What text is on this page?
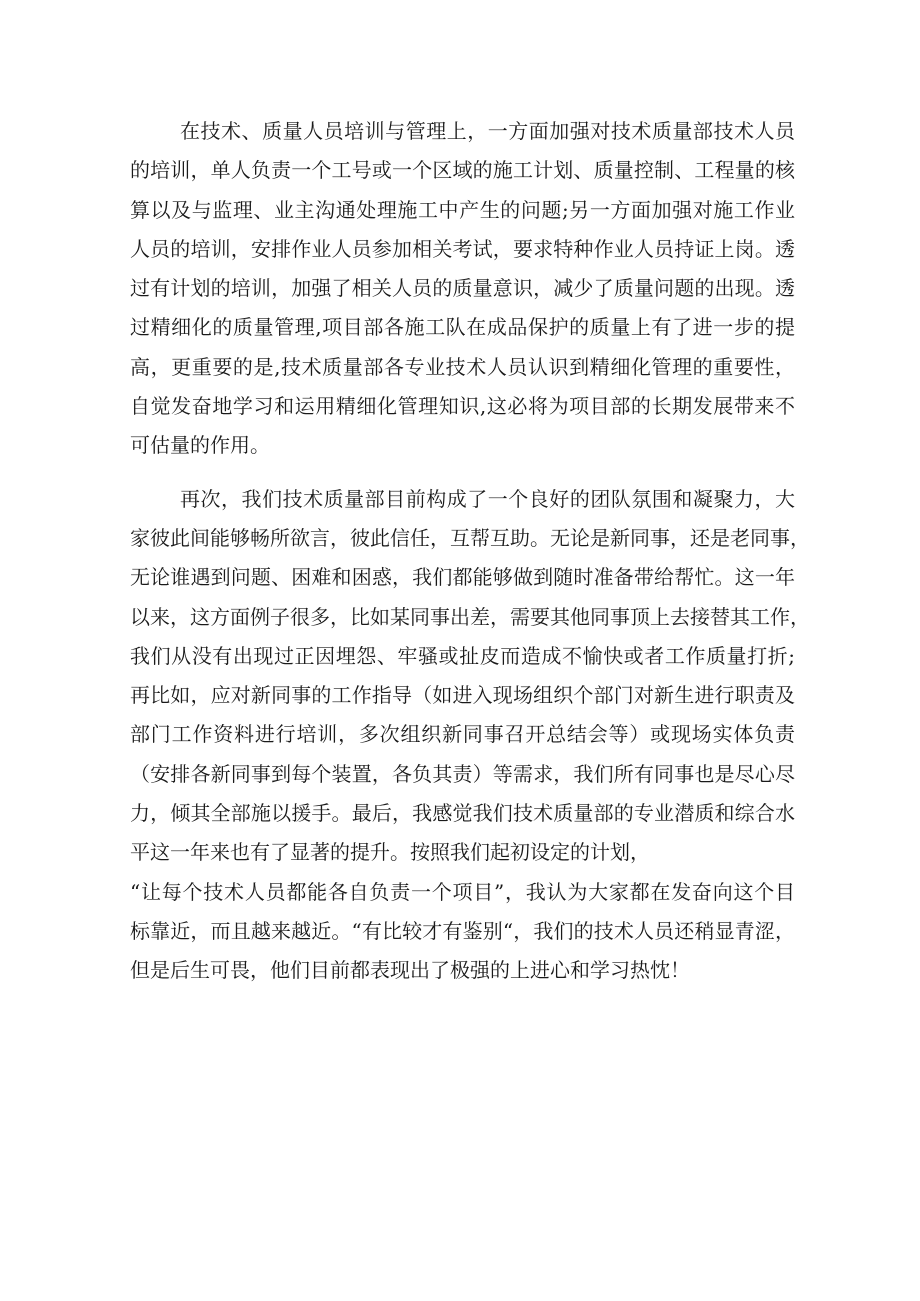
在技术、质量人员培训与管理上，一方面加强对技术质量部技术人员
的培训，单人负责一个工号或一个区域的施工计划、质量控制、工程量的核
算以及与监理、业主沟通处理施工中产生的问题;另一方面加强对施工作业
人员的培训，安排作业人员参加相关考试，要求特种作业人员持证上岗。透
过有计划的培训，加强了相关人员的质量意识，减少了质量问题的出现。透
过精细化的质量管理,项目部各施工队在成品保护的质量上有了进一步的提
高，更重要的是,技术质量部各专业技术人员认识到精细化管理的重要性，
自觉发奋地学习和运用精细化管理知识,这必将为项目部的长期发展带来不
可估量的作用。
再次，我们技术质量部目前构成了一个良好的团队氛围和凝聚力，大
家彼此间能够畅所欲言，彼此信任，互帮互助。无论是新同事，还是老同事，
无论谁遇到问题、困难和困惑，我们都能够做到随时准备带给帮忙。这一年
以来，这方面例子很多，比如某同事出差，需要其他同事顶上去接替其工作，
我们从没有出现过正因埋怨、牢骚或扯皮而造成不愉快或者工作质量打折;
再比如，应对新同事的工作指导（如进入现场组织个部门对新生进行职责及
部门工作资料进行培训，多次组织新同事召开总结会等）或现场实体负责
（安排各新同事到每个装置，各负其责）等需求，我们所有同事也是尽心尽
力，倾其全部施以援手。最后，我感觉我们技术质量部的专业潜质和综合水
平这一年来也有了显著的提升。按照我们起初设定的计划，
“让每个技术人员都能各自负责一个项目”，我认为大家都在发奋向这个目
标靠近，而且越来越近。“有比较才有鉴别“，我们的技术人员还稍显青涩，
但是后生可畏，他们目前都表现出了极强的上进心和学习热忱！
